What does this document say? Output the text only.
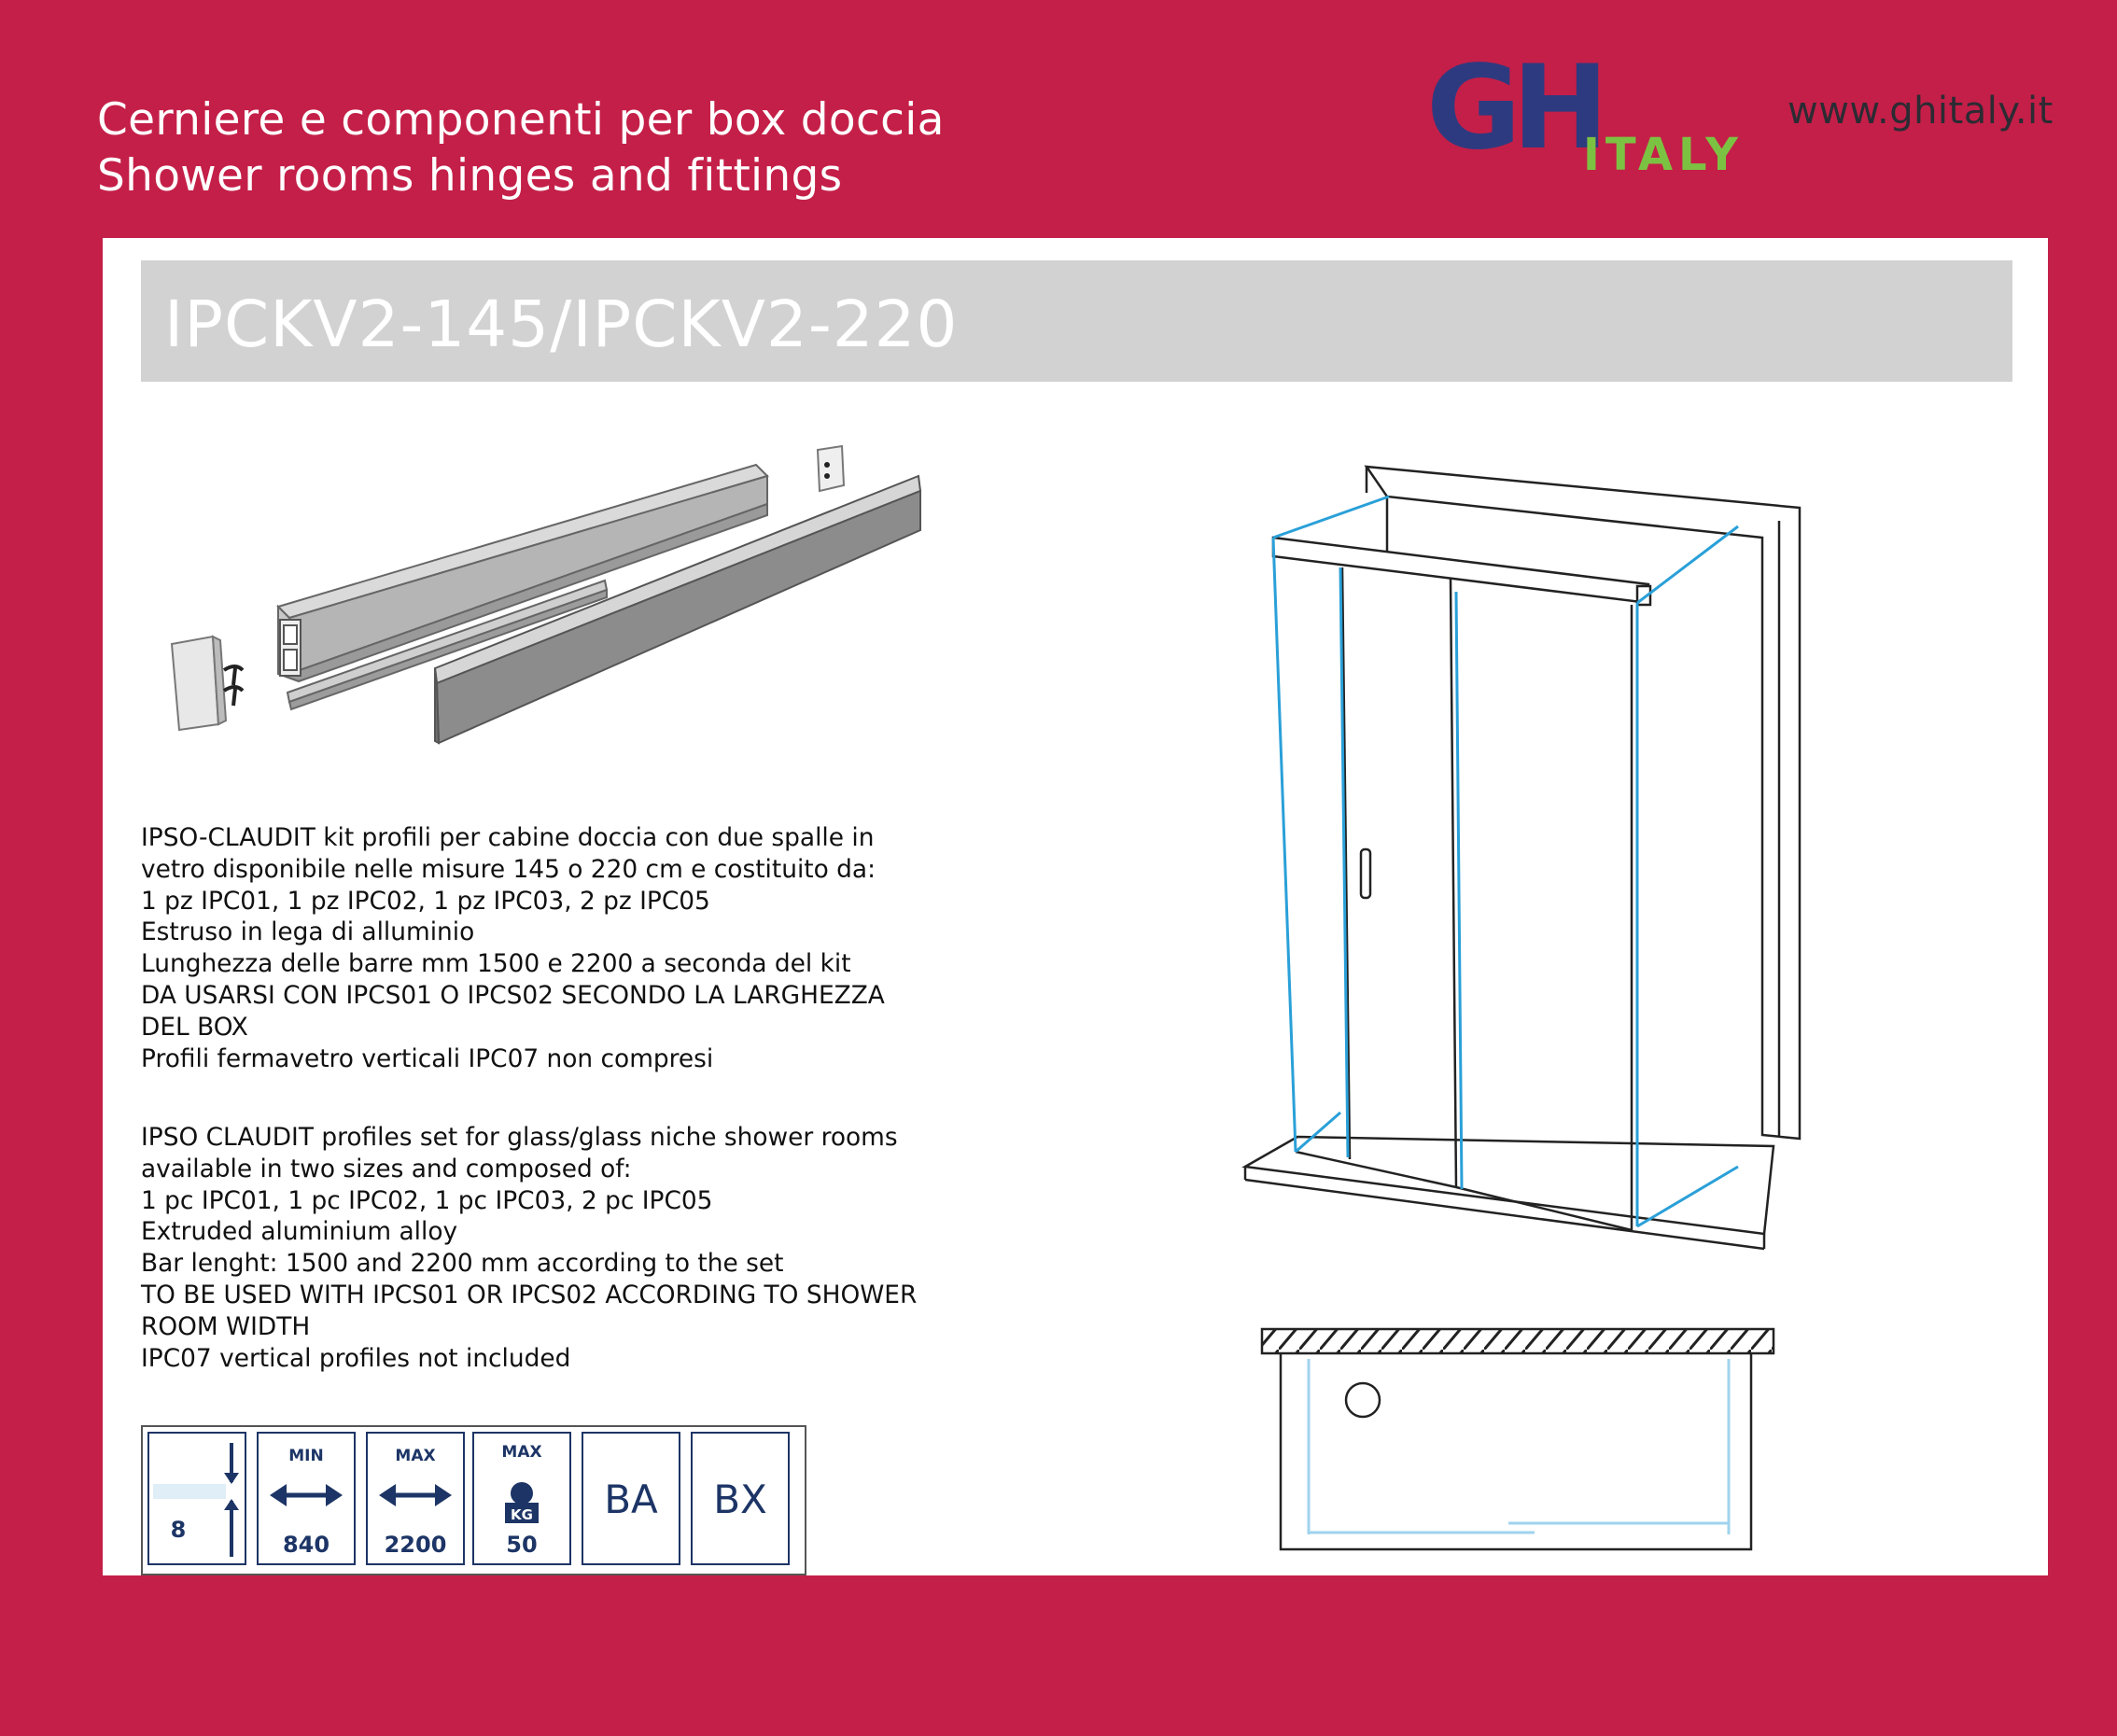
Cerniere e componenti per box doccia
Shower rooms hinges and fittings
GH
ITALY
www.ghitaly.it
IPCKV2-145/IPCKV2-220
IPSO-CLAUDIT kit profili per cabine doccia con due spalle in
vetro disponibile nelle misure 145 o 220 cm e costituito da:
1 pz IPC01, 1 pz IPC02, 1 pz IPC03, 2 pz IPC05
Estruso in lega di alluminio
Lunghezza delle barre mm 1500 e 2200 a seconda del kit
DA USARSI CON IPCS01 O IPCS02 SECONDO LA LARGHEZZA
DEL BOX
Profili fermavetro verticali IPC07 non compresi
IPSO CLAUDIT profiles set for glass/glass niche shower rooms
available in two sizes and composed of:
1 pc IPC01, 1 pc IPC02, 1 pc IPC03, 2 pc IPC05
Extruded aluminium alloy
Bar lenght: 1500 and 2200 mm according to the set
TO BE USED WITH IPCS01 OR IPCS02 ACCORDING TO SHOWER
ROOM WIDTH
IPC07 vertical profiles not included
8
MIN
840
MAX
2200
MAX
KG
50
BA	BX
